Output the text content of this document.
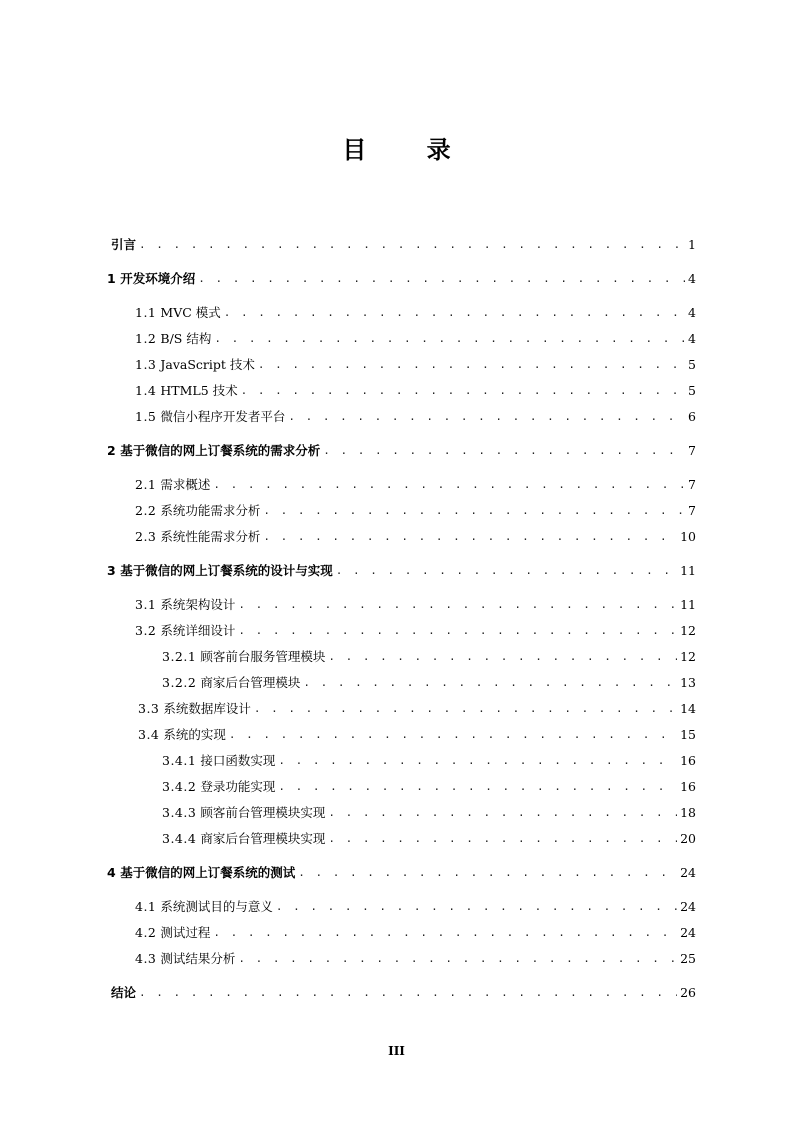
目 录
引言 . . .	1
1 开发环境介绍 . . .	4
1.1 MVC 模式 . . .	4
1.2 B/S 结构 . . .	4
1.3 JavaScript 技术 . . .	5
1.4 HTML5 技术 . . .	5
1.5 微信小程序开发者平台 . . .	6
2 基于微信的网上订餐系统的需求分析 . . .	7
2.1 需求概述 . . .	7
2.2 系统功能需求分析 . . .	7
2.3 系统性能需求分析 . . .	10
3 基于微信的网上订餐系统的设计与实现 . . .	11
3.1 系统架构设计 . . .	11
3.2 系统详细设计 . . .	12
3.2.1 顾客前台服务管理模块 . . .	12
3.2.2 商家后台管理模块 . . .	13
3.3 系统数据库设计 . . .	14
3.4 系统的实现 . . .	15
3.4.1 接口函数实现 . . .	16
3.4.2 登录功能实现 . . .	16
3.4.3 顾客前台管理模块实现 . . .	18
3.4.4 商家后台管理模块实现 . . .	20
4 基于微信的网上订餐系统的测试 . . .	24
4.1 系统测试目的与意义 . . .	24
4.2 测试过程 . . .	24
4.3 测试结果分析 . . .	25
结论 . . .	26
III
